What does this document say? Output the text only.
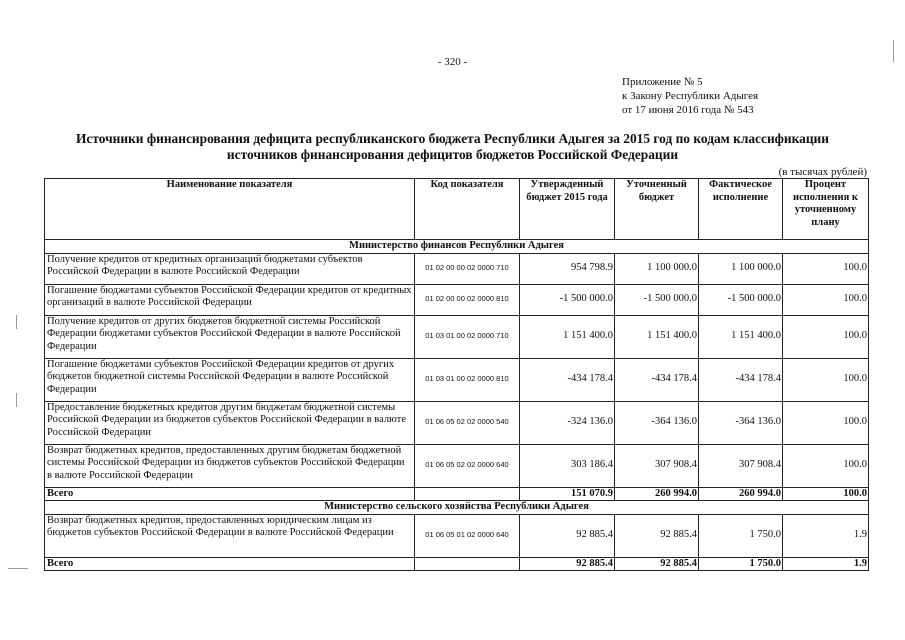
- 320 -
Приложение № 5
к Закону Республики Адыгея
от 17 июня 2016 года № 543
Источники финансирования дефицита республиканского бюджета Республики Адыгея за 2015 год по кодам классификации
источников финансирования дефицитов бюджетов Российской Федерации
(в тысячах рублей)
Наименование показателя	Код показателя	Утвержденный бюджет 2015 года	Уточненный бюджет	Фактическое исполнение	Процент исполнения к уточненному плану
Министерство финансов Республики Адыгея					
Получение кредитов от кредитных организаций бюджетами субъектов Российской Федерации в валюте Российской Федерации	01 02 00 00 02 0000 710	954 798.9	1 100 000.0	1 100 000.0	100.0
Погашение бюджетами субъектов Российской Федерации кредитов от кредитных организаций в валюте Российской Федерации	01 02 00 00 02 0000 810	-1 500 000.0	-1 500 000.0	-1 500 000.0	100.0
Получение кредитов от других бюджетов бюджетной системы Российской Федерации бюджетами субъектов Российской Федерации в валюте Российской Федерации	01 03 01 00 02 0000 710	1 151 400.0	1 151 400.0	1 151 400.0	100.0
Погашение бюджетами субъектов Российской Федерации кредитов от других бюджетов бюджетной системы Российской Федерации в валюте Российской Федерации	01 03 01 00 02 0000 810	-434 178.4	-434 178.4	-434 178.4	100.0
Предоставление бюджетных кредитов другим бюджетам бюджетной системы Российской Федерации из бюджетов субъектов Российской Федерации в валюте Российской Федерации	01 06 05 02 02 0000 540	-324 136.0	-364 136.0	-364 136.0	100.0
Возврат бюджетных кредитов, предоставленных другим бюджетам бюджетной системы Российской Федерации из бюджетов субъектов Российской Федерации в валюте Российской Федерации	01 06 05 02 02 0000 640	303 186.4	307 908.4	307 908.4	100.0
Всего		151 070.9	260 994.0	260 994.0	100.0
Министерство сельского хозяйства Республики Адыгея					
Возврат бюджетных кредитов, предоставленных юридическим лицам из бюджетов субъектов Российской Федерации в валюте Российской Федерации	01 06 05 01 02 0000 640	92 885.4	92 885.4	1 750.0	1.9
Всего		92 885.4	92 885.4	1 750.0	1.9
